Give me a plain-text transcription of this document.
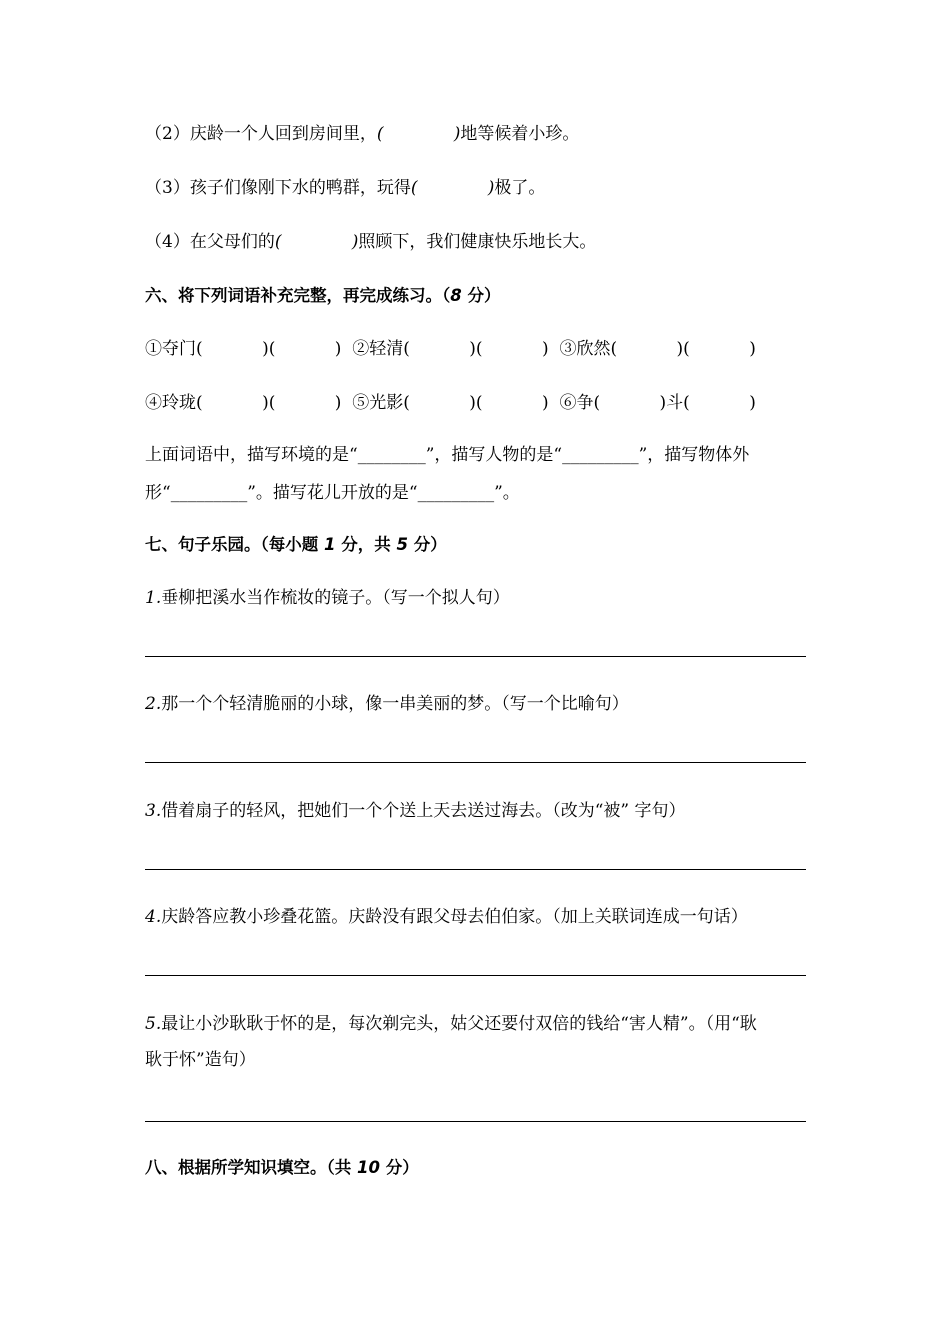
（2）庆龄一个人回到房间里，(             )地等候着小珍。
（3）孩子们像刚下水的鸭群，玩得(             )极了。
（4）在父母们的(             )照顾下，我们健康快乐地长大。
六、将下列词语补充完整，再完成练习。（8 分）
①夺门(           )(           )  ②轻清(           )(           )  ③欣然(           )(           )
④玲珑(           )(           )  ⑤光影(           )(           )  ⑥争(           )斗(           )
上面词语中，描写环境的是“________”，描写人物的是“_________”，描写物体外
形“_________”。描写花儿开放的是“_________”。
七、句子乐园。（每小题 1 分，共 5 分）
1.垂柳把溪水当作梳妆的镜子。（写一个拟人句）
2.那一个个轻清脆丽的小球，像一串美丽的梦。（写一个比喻句）
3.借着扇子的轻风，把她们一个个送上天去送过海去。（改为“被” 字句）
4.庆龄答应教小珍叠花篮。庆龄没有跟父母去伯伯家。（加上关联词连成一句话）
5.最让小沙耿耿于怀的是，每次剃完头，姑父还要付双倍的钱给“害人精”。（用“耿
耿于怀”造句）
八、根据所学知识填空。（共 10 分）
